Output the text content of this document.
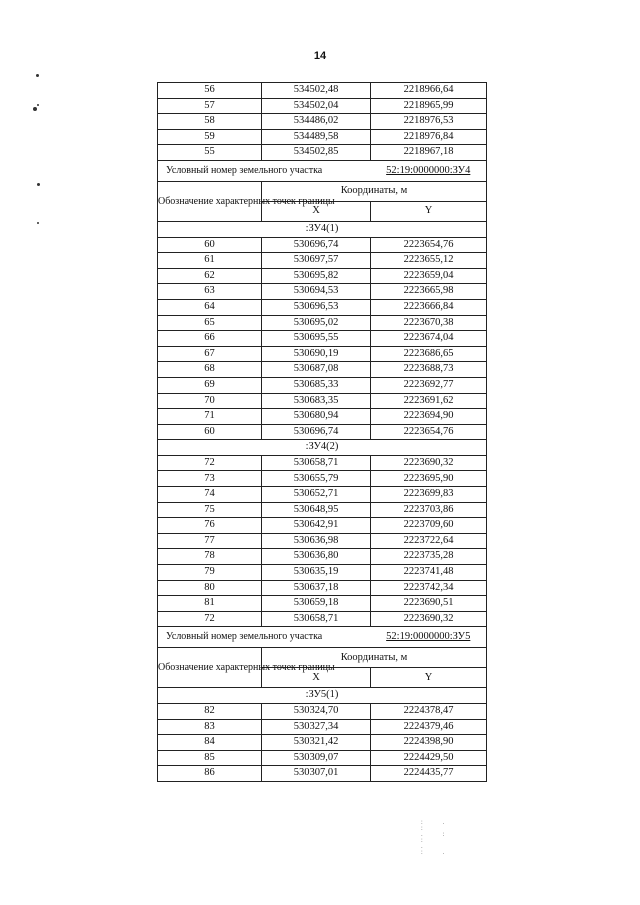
14
56	534502,48	2218966,64
57	534502,04	2218965,99
58	534486,02	2218976,53
59	534489,58	2218976,84
55	534502,85	2218967,18
Условный номер земельного участка		52:19:0000000:ЗУ4
Обозначение характерных точек границы	Координаты, м	
	X	Y
:ЗУ4(1)		
60	530696,74	2223654,76
61	530697,57	2223655,12
62	530695,82	2223659,04
63	530694,53	2223665,98
64	530696,53	2223666,84
65	530695,02	2223670,38
66	530695,55	2223674,04
67	530690,19	2223686,65
68	530687,08	2223688,73
69	530685,33	2223692,77
70	530683,35	2223691,62
71	530680,94	2223694,90
60	530696,74	2223654,76
:ЗУ4(2)		
72	530658,71	2223690,32
73	530655,79	2223695,90
74	530652,71	2223699,83
75	530648,95	2223703,86
76	530642,91	2223709,60
77	530636,98	2223722,64
78	530636,80	2223735,28
79	530635,19	2223741,48
80	530637,18	2223742,34
81	530659,18	2223690,51
72	530658,71	2223690,32
Условный номер земельного участка		52:19:0000000:ЗУ5
Обозначение характерных точек границы	Координаты, м	
	X	Y
:ЗУ5(1)		
82	530324,70	2224378,47
83	530327,34	2224379,46
84	530321,42	2224398,90
85	530309,07	2224429,50
86	530307,01	2224435,77
:     .
:
.     :
:
.
:     .
